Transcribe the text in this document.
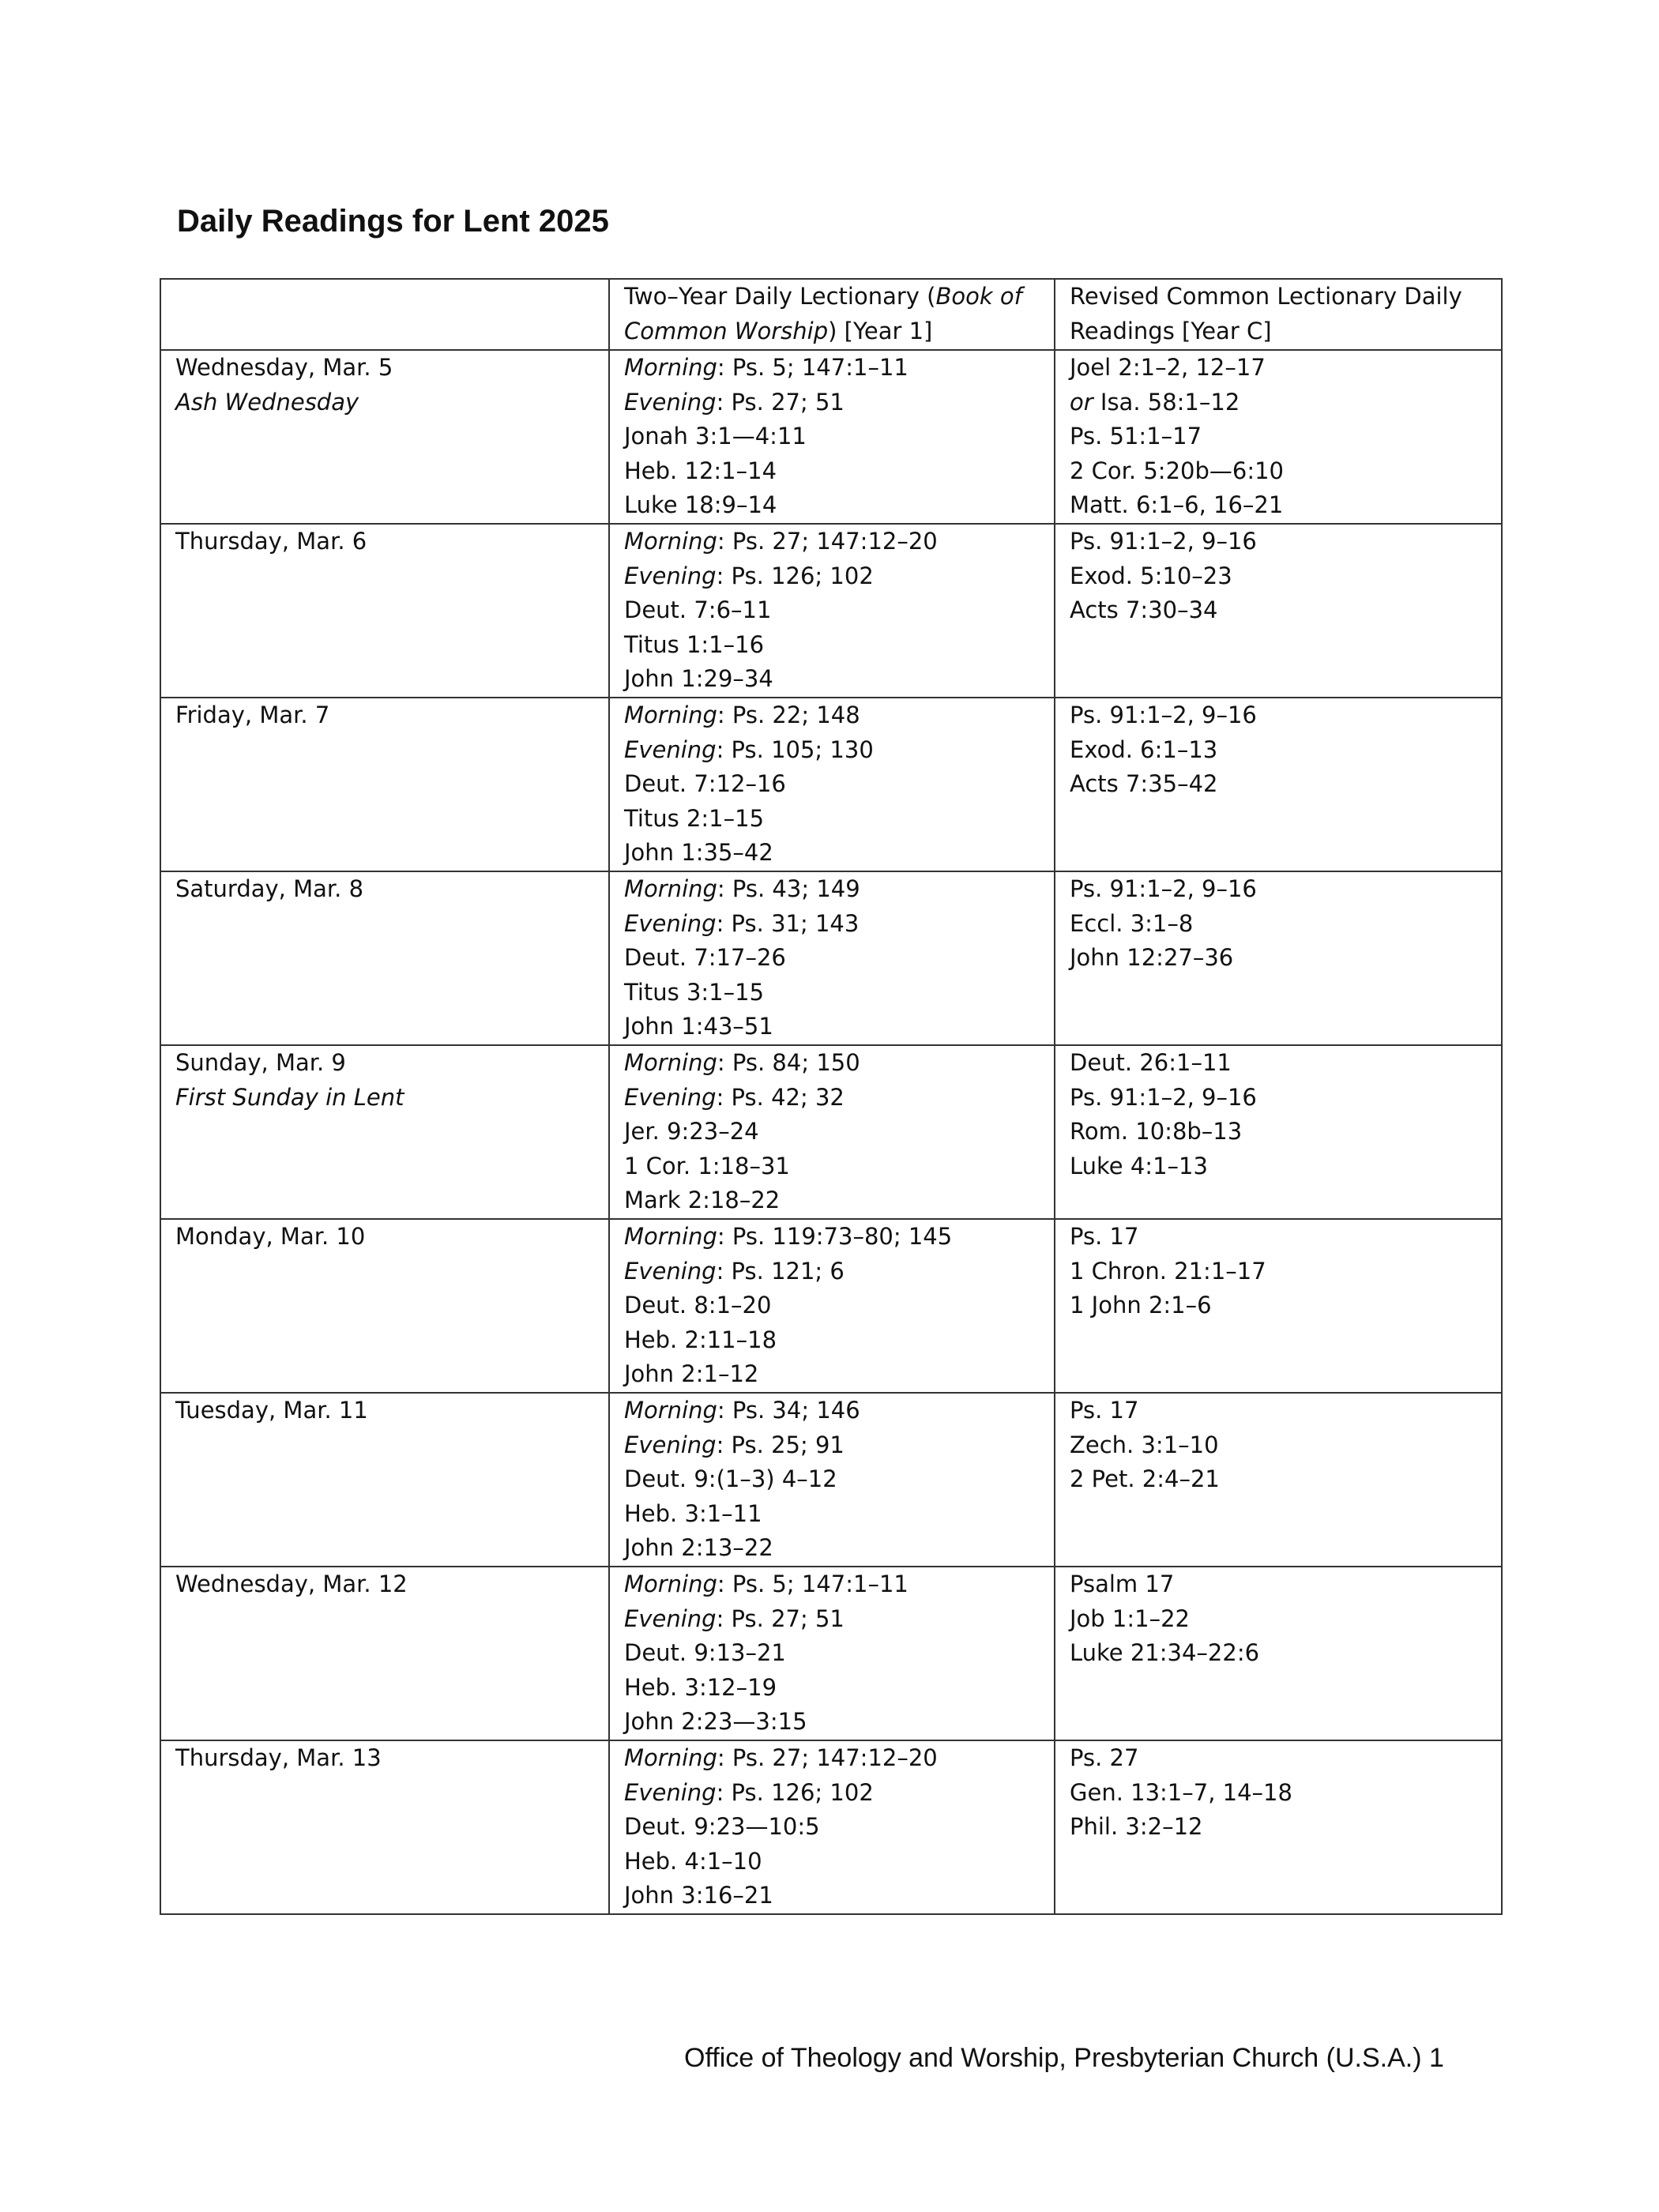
Daily Readings for Lent 2025
	Two–Year Daily Lectionary (Book of
Common Worship) [Year 1]	Revised Common Lectionary Daily
Readings [Year C]

Wednesday, Mar. 5
Ash Wednesday	Morning: Ps. 5; 147:1–11
Evening: Ps. 27; 51
Jonah 3:1—4:11
Heb. 12:1–14
Luke 18:9–14	Joel 2:1–2, 12–17
or Isa. 58:1–12
Ps. 51:1–17
2 Cor. 5:20b—6:10
Matt. 6:1–6, 16–21

Thursday, Mar. 6	Morning: Ps. 27; 147:12–20
Evening: Ps. 126; 102
Deut. 7:6–11
Titus 1:1–16
John 1:29–34	Ps. 91:1–2, 9–16
Exod. 5:10–23
Acts 7:30–34

Friday, Mar. 7	Morning: Ps. 22; 148
Evening: Ps. 105; 130
Deut. 7:12–16
Titus 2:1–15
John 1:35–42	Ps. 91:1–2, 9–16
Exod. 6:1–13
Acts 7:35–42

Saturday, Mar. 8	Morning: Ps. 43; 149
Evening: Ps. 31; 143
Deut. 7:17–26
Titus 3:1–15
John 1:43–51	Ps. 91:1–2, 9–16
Eccl. 3:1–8
John 12:27–36

Sunday, Mar. 9
First Sunday in Lent	Morning: Ps. 84; 150
Evening: Ps. 42; 32
Jer. 9:23–24
1 Cor. 1:18–31
Mark 2:18–22	Deut. 26:1–11
Ps. 91:1–2, 9–16
Rom. 10:8b–13
Luke 4:1–13

Monday, Mar. 10	Morning: Ps. 119:73–80; 145
Evening: Ps. 121; 6
Deut. 8:1–20
Heb. 2:11–18
John 2:1–12	Ps. 17
1 Chron. 21:1–17
1 John 2:1–6

Tuesday, Mar. 11	Morning: Ps. 34; 146
Evening: Ps. 25; 91
Deut. 9:(1–3) 4–12
Heb. 3:1–11
John 2:13–22	Ps. 17
Zech. 3:1–10
2 Pet. 2:4–21

Wednesday, Mar. 12	Morning: Ps. 5; 147:1–11
Evening: Ps. 27; 51
Deut. 9:13–21
Heb. 3:12–19
John 2:23—3:15	Psalm 17
Job 1:1–22
Luke 21:34–22:6

Thursday, Mar. 13	Morning: Ps. 27; 147:12–20
Evening: Ps. 126; 102
Deut. 9:23—10:5
Heb. 4:1–10
John 3:16–21	Ps. 27
Gen. 13:1–7, 14–18
Phil. 3:2–12

Office of Theology and Worship, Presbyterian Church (U.S.A.) 1
